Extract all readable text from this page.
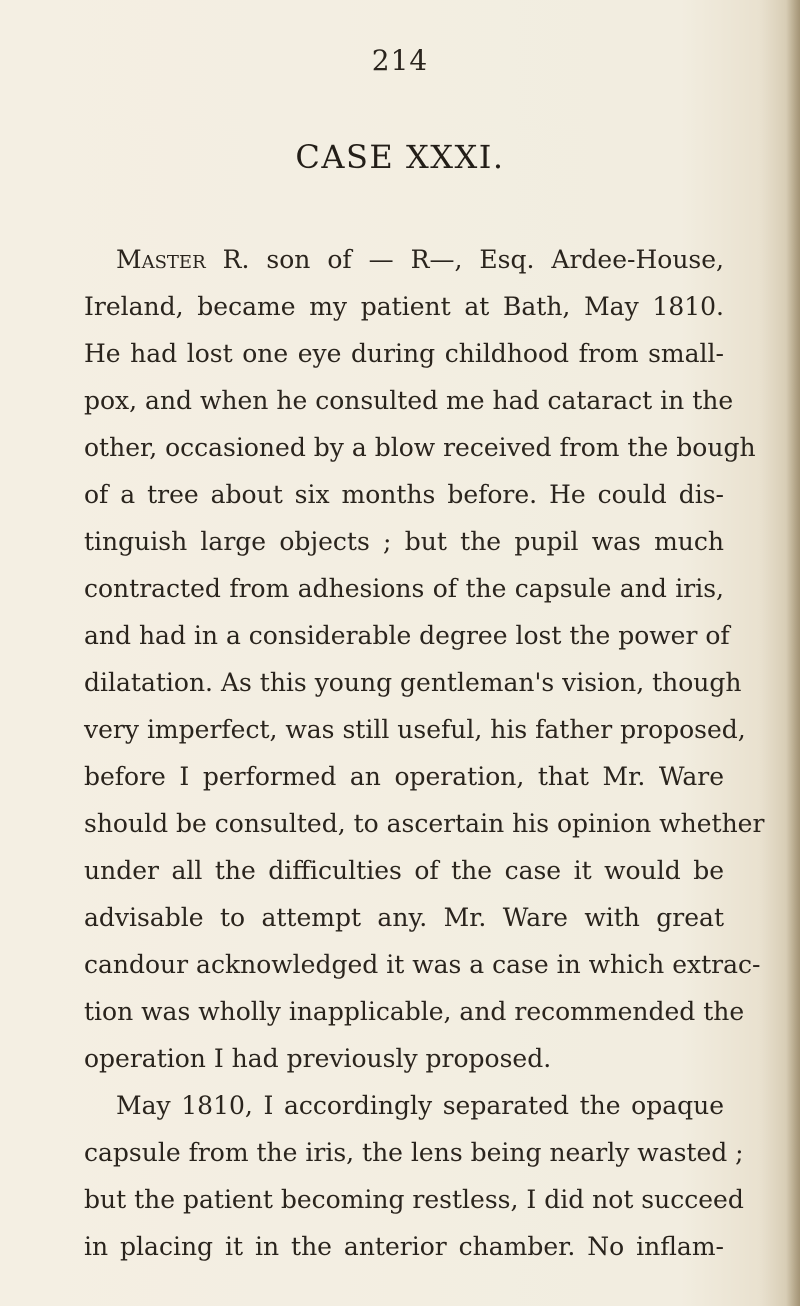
214
CASE XXXI.
Master R. son of — R—, Esq. Ardee-House,
Ireland, became my patient at Bath, May 1810.
He had lost one eye during childhood from small-
pox, and when he consulted me had cataract in the
other, occasioned by a blow received from the bough
of a tree about six months before. He could dis-
tinguish large objects ; but the pupil was much
contracted from adhesions of the capsule and iris,
and had in a considerable degree lost the power of
dilatation. As this young gentleman's vision, though
very imperfect, was still useful, his father proposed,
before I performed an operation, that Mr. Ware
should be consulted, to ascertain his opinion whether
under all the difficulties of the case it would be
advisable to attempt any. Mr. Ware with great
candour acknowledged it was a case in which extrac-
tion was wholly inapplicable, and recommended the
operation I had previously proposed.
May 1810, I accordingly separated the opaque
capsule from the iris, the lens being nearly wasted ;
but the patient becoming restless, I did not succeed
in placing it in the anterior chamber. No inflam-
